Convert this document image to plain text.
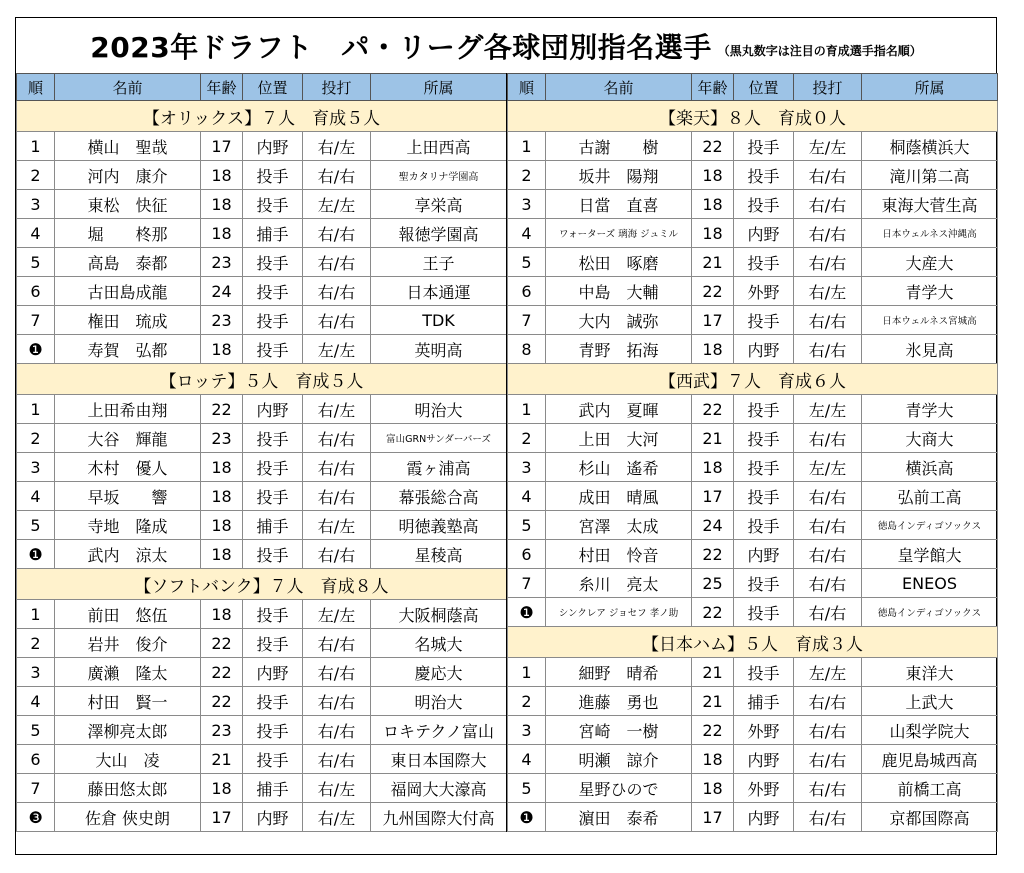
2023年ドラフト　パ・リーグ各球団別指名選手 （黒丸数字は注目の育成選手指名順）
順	名前	年齢	位置	投打	所属
【オリックス】７人　育成５人					
1	横山　聖哉	17	内野	右/左	上田西高
2	河内　康介	18	投手	右/右	聖カタリナ学園高
3	東松　快征	18	投手	左/左	享栄高
4	堀　　柊那	18	捕手	右/右	報徳学園高
5	高島　泰都	23	投手	右/右	王子
6	古田島成龍	24	投手	右/右	日本通運
7	権田　琉成	23	投手	右/右	TDK
❶	寿賀　弘都	18	投手	左/左	英明高
【ロッテ】５人　育成５人					
1	上田希由翔	22	内野	右/左	明治大
2	大谷　輝龍	23	投手	右/右	富山GRNサンダーバーズ
3	木村　優人	18	投手	右/右	霞ヶ浦高
4	早坂　　響	18	投手	右/右	幕張総合高
5	寺地　隆成	18	捕手	右/左	明徳義塾高
❶	武内　涼太	18	投手	右/右	星稜高
【ソフトバンク】７人　育成８人					
1	前田　悠伍	18	投手	左/左	大阪桐蔭高
2	岩井　俊介	22	投手	右/右	名城大
3	廣瀨　隆太	22	内野	右/右	慶応大
4	村田　賢一	22	投手	右/右	明治大
5	澤柳亮太郎	23	投手	右/右	ロキテクノ富山
6	大山　凌	21	投手	右/右	東日本国際大
7	藤田悠太郎	18	捕手	右/左	福岡大大濠高
❸	佐倉 俠史朗	17	内野	右/左	九州国際大付高
順	名前	年齢	位置	投打	所属
【楽天】８人　育成０人					
1	古謝　　樹	22	投手	左/左	桐蔭横浜大
2	坂井　陽翔	18	投手	右/右	滝川第二高
3	日當　直喜	18	投手	右/右	東海大菅生高
4	ワォーターズ 璃海 ジュミル	18	内野	右/右	日本ウェルネス沖縄高
5	松田　啄磨	21	投手	右/右	大産大
6	中島　大輔	22	外野	右/左	青学大
7	大内　誠弥	17	投手	右/右	日本ウェルネス宮城高
8	青野　拓海	18	内野	右/右	氷見高
【西武】７人　育成６人					
1	武内　夏暉	22	投手	左/左	青学大
2	上田　大河	21	投手	右/右	大商大
3	杉山　遙希	18	投手	左/左	横浜高
4	成田　晴風	17	投手	右/右	弘前工高
5	宮澤　太成	24	投手	右/右	徳島インディゴソックス
6	村田　怜音	22	内野	右/右	皇学館大
7	糸川　亮太	25	投手	右/右	ENEOS
❶	シンクレア ジョセフ 孝ノ助	22	投手	右/右	徳島インディゴソックス
【日本ハム】５人　育成３人					
1	細野　晴希	21	投手	左/左	東洋大
2	進藤　勇也	21	捕手	右/右	上武大
3	宮崎　一樹	22	外野	右/右	山梨学院大
4	明瀬　諒介	18	内野	右/右	鹿児島城西高
5	星野ひので	18	外野	右/右	前橋工高
❶	濵田　泰希	17	内野	右/右	京都国際高
